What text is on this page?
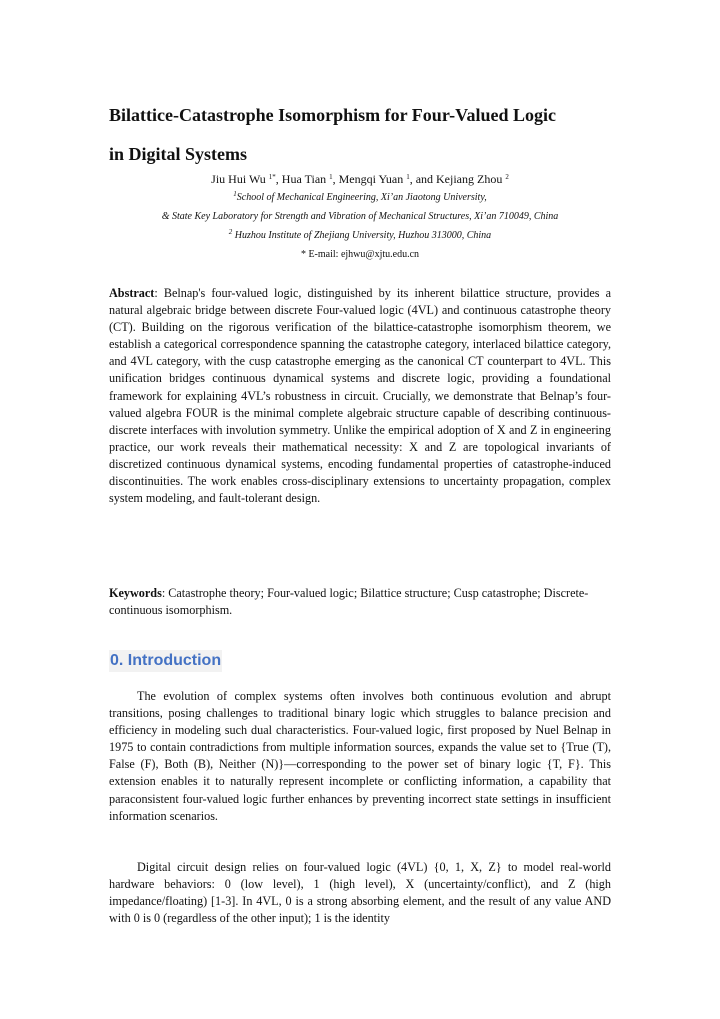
Bilattice-Catastrophe Isomorphism for Four-Valued Logic
in Digital Systems
Jiu Hui Wu $^{1*}$, Hua Tian $^1$, Mengqi Yuan $^1$, and Kejiang Zhou $^2$
$^1$School of Mechanical Engineering, Xi’an Jiaotong University,
& State Key Laboratory for Strength and Vibration of Mechanical Structures, Xi’an 710049, China
$^2$ Huzhou Institute of Zhejiang University, Huzhou 313000, China
* E-mail: ejhwu@xjtu.edu.cn

Abstract: Belnap's four-valued logic, distinguished by its inherent bilattice structure, provides a natural algebraic bridge between discrete Four-valued logic (4VL) and continuous catastrophe theory (CT). Building on the rigorous verification of the bilattice-catastrophe isomorphism theorem, we establish a categorical correspondence spanning the catastrophe category, interlaced bilattice category, and 4VL category, with the cusp catastrophe emerging as the canonical CT counterpart to 4VL. This unification bridges continuous dynamical systems and discrete logic, providing a foundational framework for explaining 4VL’s robustness in circuit. Crucially, we demonstrate that Belnap’s four-valued algebra FOUR is the minimal complete algebraic structure capable of describing continuous-discrete interfaces with involution symmetry. Unlike the empirical adoption of X and Z in engineering practice, our work reveals their mathematical necessity: X and Z are topological invariants of discretized continuous dynamical systems, encoding fundamental properties of catastrophe-induced discontinuities. The work enables cross-disciplinary extensions to uncertainty propagation, complex system modeling, and fault-tolerant design.

Keywords: Catastrophe theory; Four-valued logic; Bilattice structure; Cusp catastrophe; Discrete-continuous isomorphism.

0. Introduction

The evolution of complex systems often involves both continuous evolution and abrupt transitions, posing challenges to traditional binary logic which struggles to balance precision and efficiency in modeling such dual characteristics. Four-valued logic, first proposed by Nuel Belnap in 1975 to contain contradictions from multiple information sources, expands the value set to {True (T), False (F), Both (B), Neither (N)}—corresponding to the power set of binary logic {T, F}. This extension enables it to naturally represent incomplete or conflicting information, a capability that paraconsistent four-valued logic further enhances by preventing incorrect state settings in insufficient information scenarios.

Digital circuit design relies on four-valued logic (4VL) {0, 1, X, Z} to model real-world hardware behaviors: 0 (low level), 1 (high level), X (uncertainty/conflict), and Z (high impedance/floating) [1-3]. In 4VL, 0 is a strong absorbing element, and the result of any value AND with 0 is 0 (regardless of the other input); 1 is the identity
